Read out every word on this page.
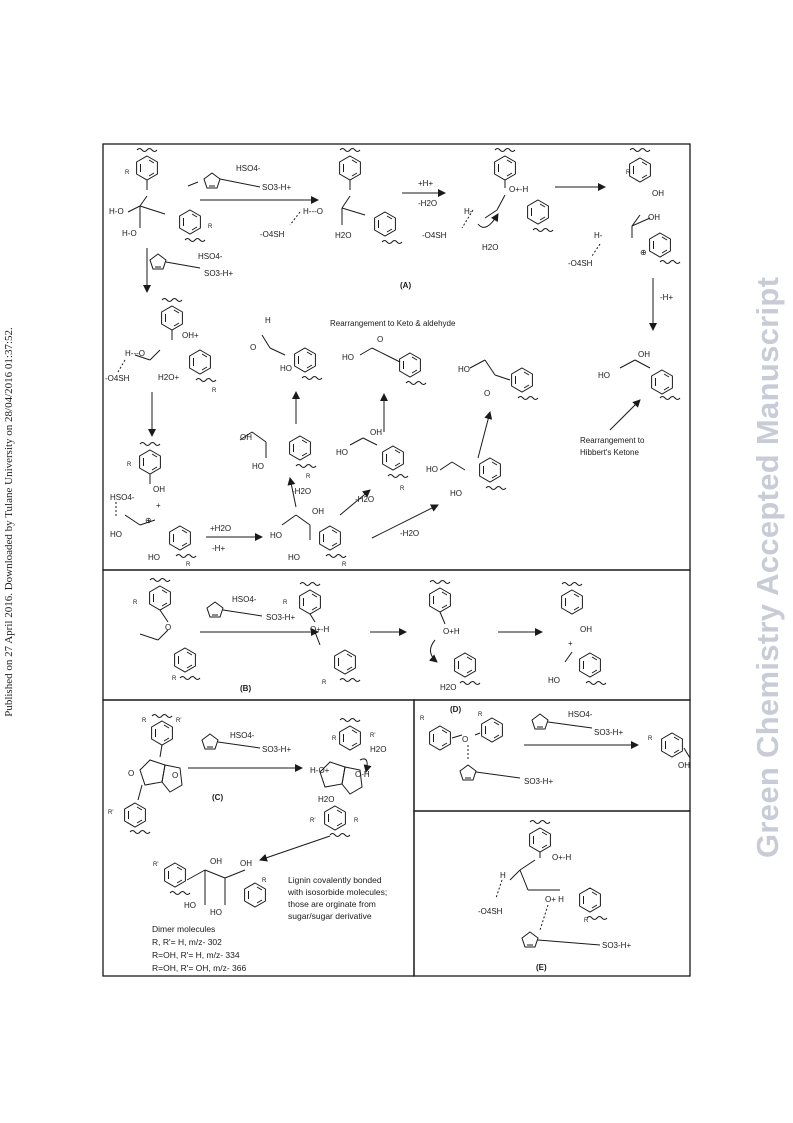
Published on 27 April 2016. Downloaded by Tulane University on 28/04/2016 01:37:52.	Green Chemistry Accepted Manuscript
R
H-O
H-O
R
HSO4-
SO3-H+
H---O
-O4SH	H2O
+H+
-H2O
O+-H
H-
-O4SH
H2O
R
OH
OH
H-
-O4SH
⊕
HSO4-
SO3-H+
(A)
-H+
OH+
H---O
-O4SH	H2O+
R
Rearrangement to Keto & aldehyde
H
O
HO
O
HO
HO
O
OH
HO
Rearrangement to
Hibbert's Ketone
R
OH
HSO4-
+
⊕
HO
HO
R
+H2O
-H+
HO
OH
HO
R
OH
HO
R
-H2O
OH
HO
R
-H2O
HO
HO
-H2O
R
O
R
HSO4-
SO3-H+
R
O+-H
R
O+H
H2O
OH
+
HO
(B)
R	R'
HSO4-
SO3-H+
O	O
(C)
R'
R	R'
H2O
H-O+	O-H
H2O
R'	R
R'	OH OH
HO
HO
R	Lignin covalently bonded
with isosorbide molecules;
those are orginate from
sugar/sugar derivative
Dimer molecules
R, R'= H, m/z- 302
R=OH, R'= H, m/z- 334
R=OH, R'= OH, m/z- 366
(D)
R
R
O
HSO4-
SO3-H+
SO3-H+
R
OH
O+-H
H
-O4SH
O+ H
R
SO3-H+
(E)
